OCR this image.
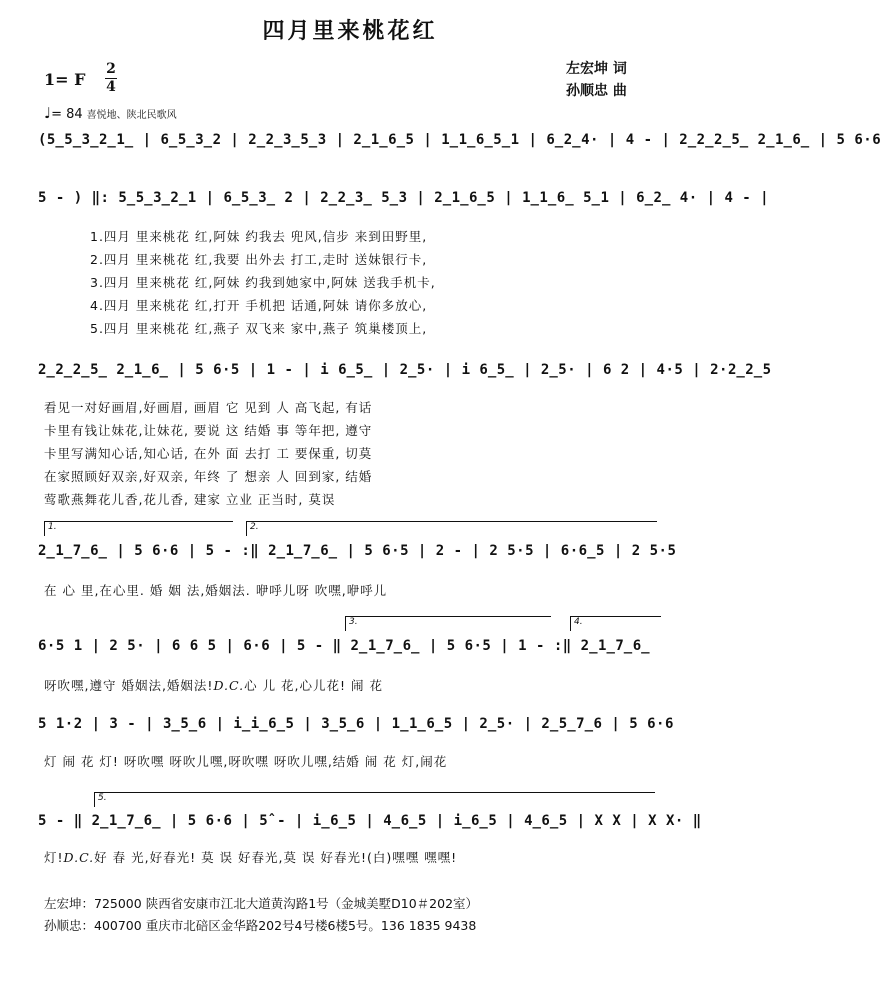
四月里来桃花红
左宏坤 词
孙顺忠 曲
1= F
2
4
♩= 84 喜悦地、陕北民歌风
(5̲5̲3̲2̲1̲ | 6̲5̲3̲2 | 2̲2̲3̲5̲3 | 2̲1̲6̲5 | 1̲1̲6̲5̲1 | 6̲2̲4· | 4 - | 2̲2̲2̲5̲ 2̲1̲6̲ | 5 6·6
5 - ) ‖: 5̲5̲3̲2̲1 | 6̲5̲3̲ 2 | 2̲2̲3̲ 5̲3 | 2̲1̲6̲5 | 1̲1̲6̲ 5̲1 | 6̲2̲ 4· | 4 - |
1.四月 里来桃花 红,阿妹 约我去 兜风,信步 来到田野里,
2.四月 里来桃花 红,我要 出外去 打工,走时 送妹银行卡,
3.四月 里来桃花 红,阿妹 约我到她家中,阿妹 送我手机卡,
4.四月 里来桃花 红,打开 手机把 话通,阿妹 请你多放心,
5.四月 里来桃花 红,燕子 双飞来 家中,燕子 筑巢楼顶上,
2̲2̲2̲5̲ 2̲1̲6̲ | 5 6·5 | 1 - | i 6̲5̲ | 2̲5· | i 6̲5̲ | 2̲5· | 6 2 | 4·5 | 2·2̲2̲5
看见一对好画眉,好画眉, 画眉 它 见到 人 高飞起, 有话
卡里有钱让妹花,让妹花, 要说 这 结婚 事 等年把, 遵守
卡里写满知心话,知心话, 在外 面 去打 工 要保重, 切莫
在家照顾好双亲,好双亲, 年终 了 想亲 人 回到家, 结婚
莺歌燕舞花儿香,花儿香, 建家 立业 正当时, 莫误
1.	2.
2̲1̲7̲6̲ | 5 6·6 | 5 - :‖ 2̲1̲7̲6̲ | 5 6·5 | 2 - | 2 5·5 | 6·6̲5 | 2 5·5
在 心 里,在心里. 婚 姻 法,婚姻法. 咿呼儿呀 吹嘿,咿呼儿
3.	4.
6·5 1 | 2 5· | 6 6 5 | 6·6 | 5 - ‖ 2̲1̲7̲6̲ | 5 6·5 | 1 - :‖ 2̲1̲7̲6̲
呀吹嘿,遵守 婚姻法,婚姻法!D.C.心 儿 花,心儿花! 闹 花
5 1·2 | 3 - | 3̲5̲6 | i̲i̲6̲5 | 3̲5̲6 | 1̲1̲6̲5 | 2̲5· | 2̲5̲7̲6 | 5 6·6
灯 闹 花 灯! 呀吹嘿 呀吹儿嘿,呀吹嘿 呀吹儿嘿,结婚 闹 花 灯,闹花
5.
5 - ‖ 2̲1̲7̲6̲ | 5 6·6 | 5̂ - | i̲6̲5 | 4̲6̲5 | i̲6̲5 | 4̲6̲5 | X X | X X· ‖
灯!D.C.好 春 光,好春光! 莫 误 好春光,莫 误 好春光!(白)嘿嘿 嘿嘿!
左宏坤：725000 陕西省安康市江北大道黄沟路1号（金城美墅D10＃202室）
孙顺忠：400700 重庆市北碚区金华路202号4号楼6楼5号。136 1835 9438
